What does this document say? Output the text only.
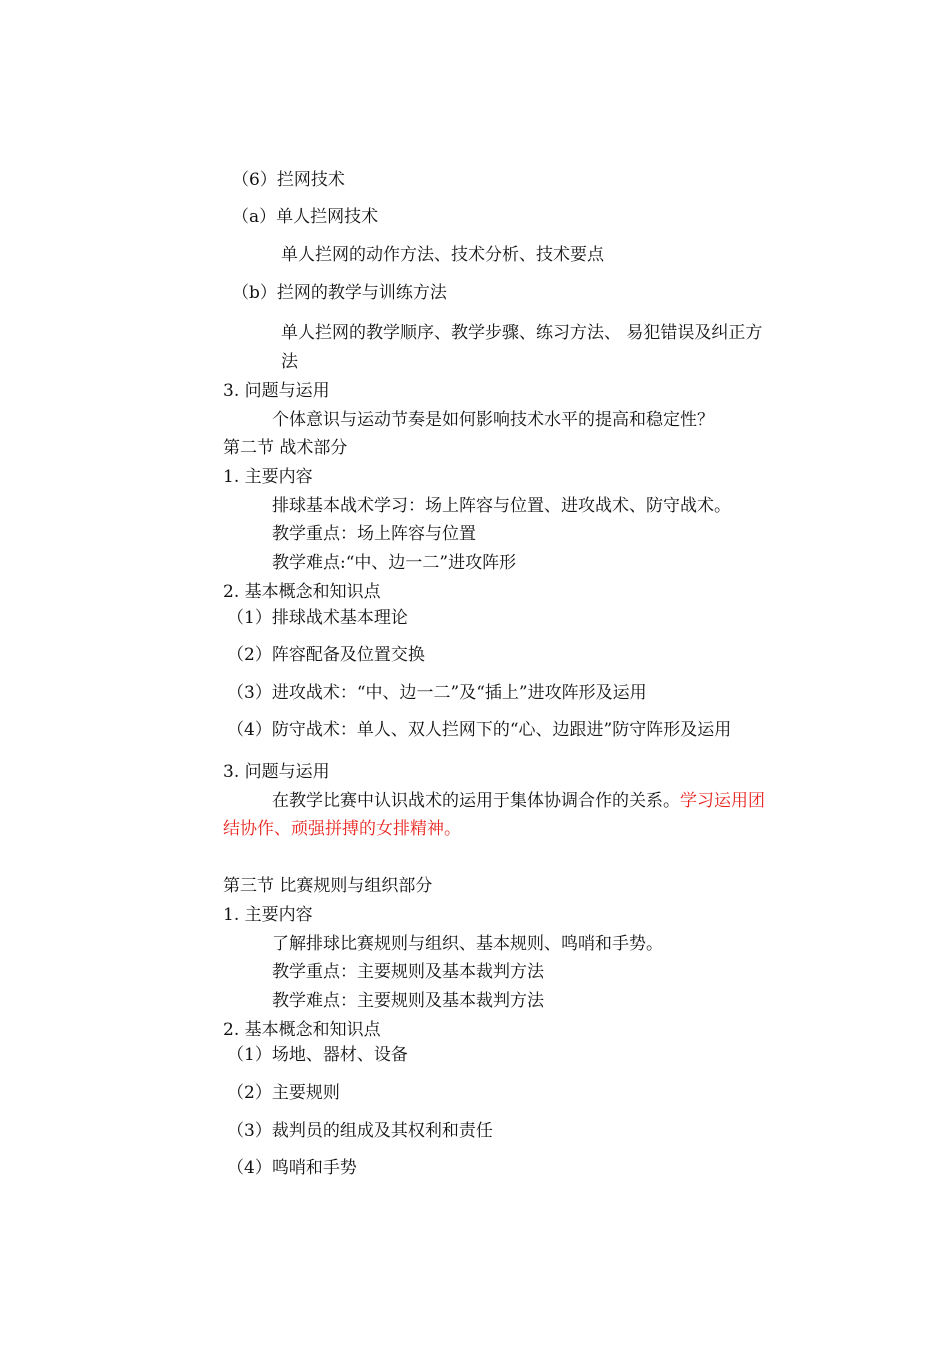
（6）拦网技术
（a）单人拦网技术
单人拦网的动作方法、技术分析、技术要点
（b）拦网的教学与训练方法
单人拦网的教学顺序、教学步骤、练习方法、 易犯错误及纠正方
法
3. 问题与运用
个体意识与运动节奏是如何影响技术水平的提高和稳定性？
第二节 战术部分
1. 主要内容
排球基本战术学习：场上阵容与位置、进攻战术、防守战术。
教学重点：场上阵容与位置
教学难点:“中、边一二”进攻阵形
2. 基本概念和知识点
（1）排球战术基本理论
（2）阵容配备及位置交换
（3）进攻战术：“中、边一二”及“插上”进攻阵形及运用
（4）防守战术：单人、双人拦网下的“心、边跟进”防守阵形及运用
3. 问题与运用
在教学比赛中认识战术的运用于集体协调合作的关系。学习运用团
结协作、顽强拼搏的女排精神。
第三节 比赛规则与组织部分
1. 主要内容
了解排球比赛规则与组织、基本规则、鸣哨和手势。
教学重点：主要规则及基本裁判方法
教学难点：主要规则及基本裁判方法
2. 基本概念和知识点
（1）场地、器材、设备
（2）主要规则
（3）裁判员的组成及其权利和责任
（4）鸣哨和手势
